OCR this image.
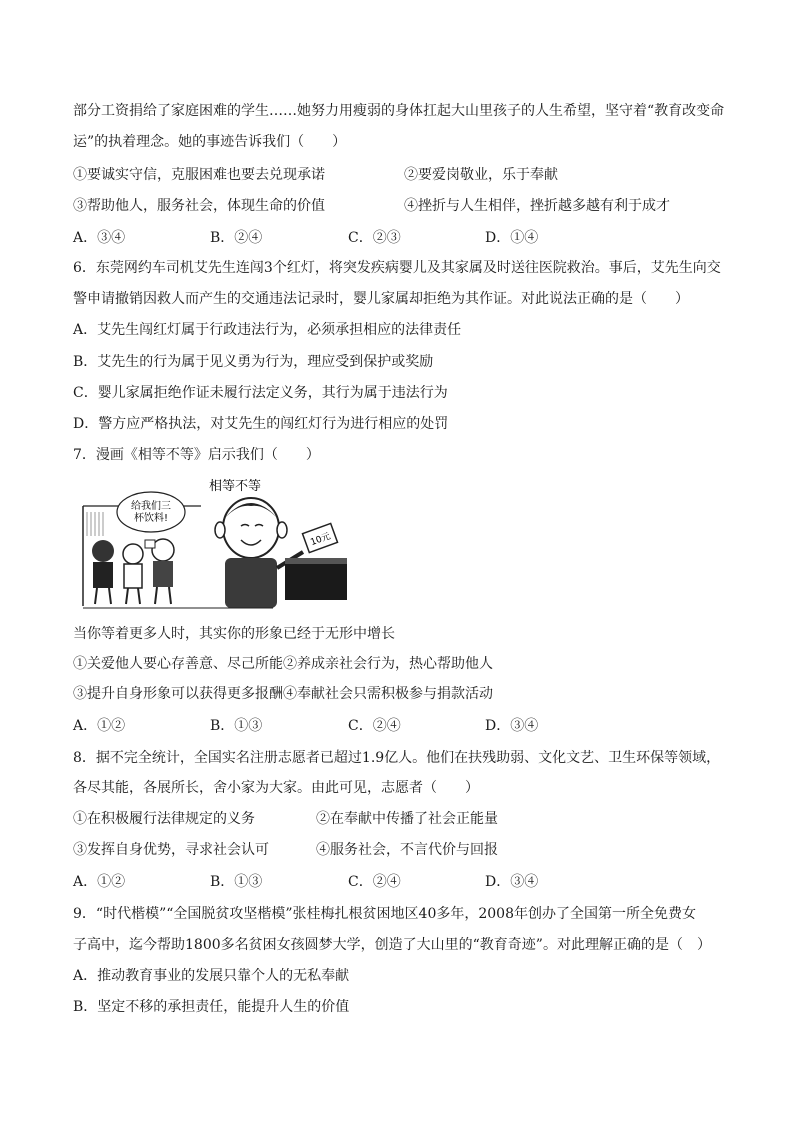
部分工资捐给了家庭困难的学生……她努力用瘦弱的身体扛起大山里孩子的人生希望，坚守着“教育改变命
运”的执着理念。她的事迹告诉我们（　　）
①要诚实守信，克服困难也要去兑现承诺	②要爱岗敬业，乐于奉献
③帮助他人，服务社会，体现生命的价值	④挫折与人生相伴，挫折越多越有利于成才
A．③④	B．②④	C．②③	D．①④
6．东莞网约车司机艾先生连闯3个红灯，将突发疾病婴儿及其家属及时送往医院救治。事后，艾先生向交
警申请撤销因救人而产生的交通违法记录时，婴儿家属却拒绝为其作证。对此说法正确的是（　　）
A．艾先生闯红灯属于行政违法行为，必须承担相应的法律责任
B．艾先生的行为属于见义勇为行为，理应受到保护或奖励
C．婴儿家属拒绝作证未履行法定义务，其行为属于违法行为
D．警方应严格执法，对艾先生的闯红灯行为进行相应的处罚
7．漫画《相等不等》启示我们（　　）
给我们三
杯饮料!
相等不等
10元
当你等着更多人时，其实你的形象已经于无形中增长
①关爱他人要心存善意、尽己所能②养成亲社会行为，热心帮助他人
③提升自身形象可以获得更多报酬④奉献社会只需积极参与捐款活动
A．①②	B．①③	C．②④	D．③④
8．据不完全统计，全国实名注册志愿者已超过1.9亿人。他们在扶残助弱、文化文艺、卫生环保等领域，
各尽其能，各展所长，舍小家为大家。由此可见，志愿者（　　）
①在积极履行法律规定的义务	②在奉献中传播了社会正能量
③发挥自身优势，寻求社会认可	④服务社会，不言代价与回报
A．①②	B．①③	C．②④	D．③④
9．“时代楷模”“全国脱贫攻坚楷模”张桂梅扎根贫困地区40多年，2008年创办了全国第一所全免费女
子高中，迄今帮助1800多名贫困女孩圆梦大学，创造了大山里的“教育奇迹”。对此理解正确的是（　）
A．推动教育事业的发展只靠个人的无私奉献
B．坚定不移的承担责任，能提升人生的价值
